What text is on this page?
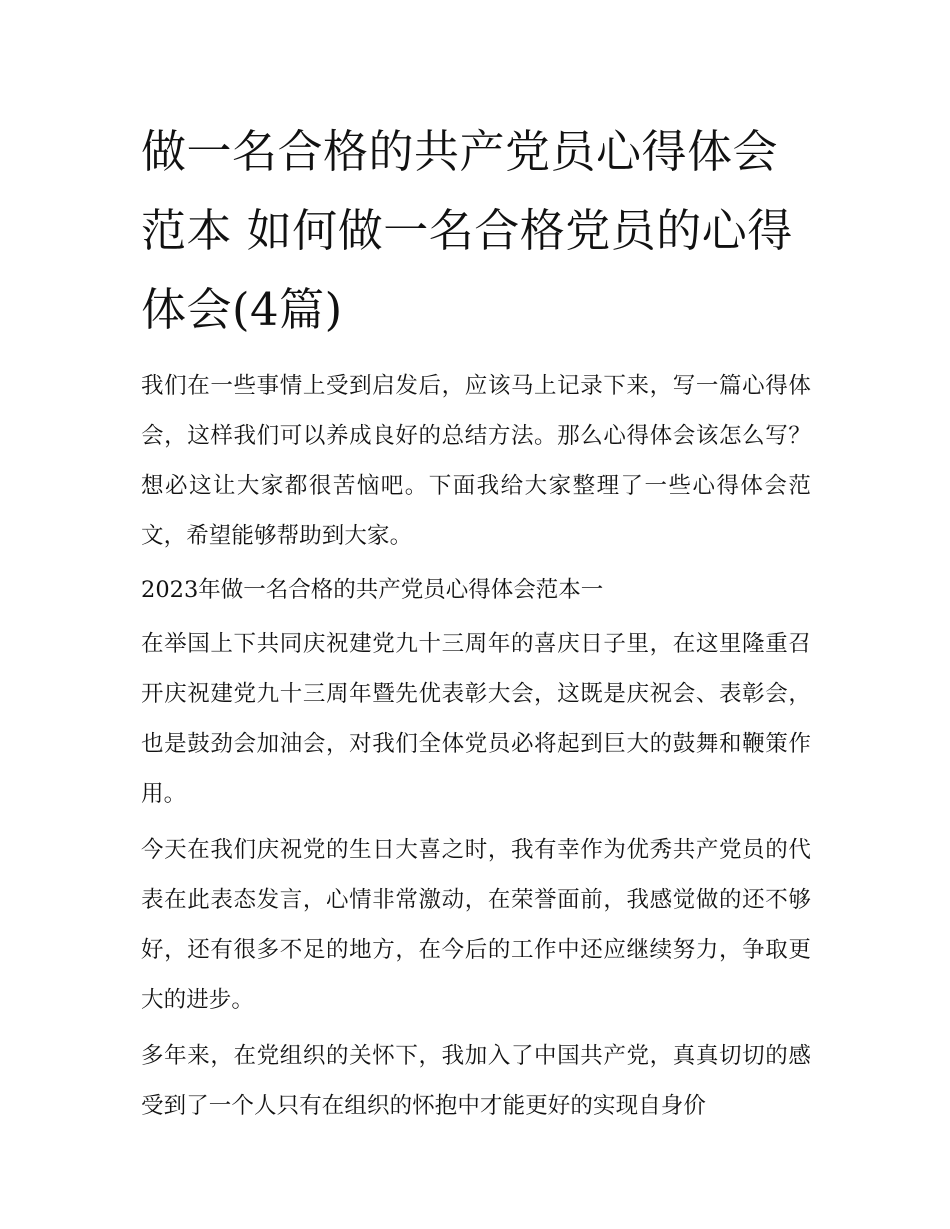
做一名合格的共产党员心得体会范本 如何做一名合格党员的心得体会(4篇)

我们在一些事情上受到启发后，应该马上记录下来，写一篇心得体会，这样我们可以养成良好的总结方法。那么心得体会该怎么写？想必这让大家都很苦恼吧。下面我给大家整理了一些心得体会范文，希望能够帮助到大家。

2023年做一名合格的共产党员心得体会范本一

在举国上下共同庆祝建党九十三周年的喜庆日子里，在这里隆重召开庆祝建党九十三周年暨先优表彰大会，这既是庆祝会、表彰会，也是鼓劲会加油会，对我们全体党员必将起到巨大的鼓舞和鞭策作用。

今天在我们庆祝党的生日大喜之时，我有幸作为优秀共产党员的代表在此表态发言，心情非常激动，在荣誉面前，我感觉做的还不够好，还有很多不足的地方，在今后的工作中还应继续努力，争取更大的进步。

多年来，在党组织的关怀下，我加入了中国共产党，真真切切的感受到了一个人只有在组织的怀抱中才能更好的实现自身价
